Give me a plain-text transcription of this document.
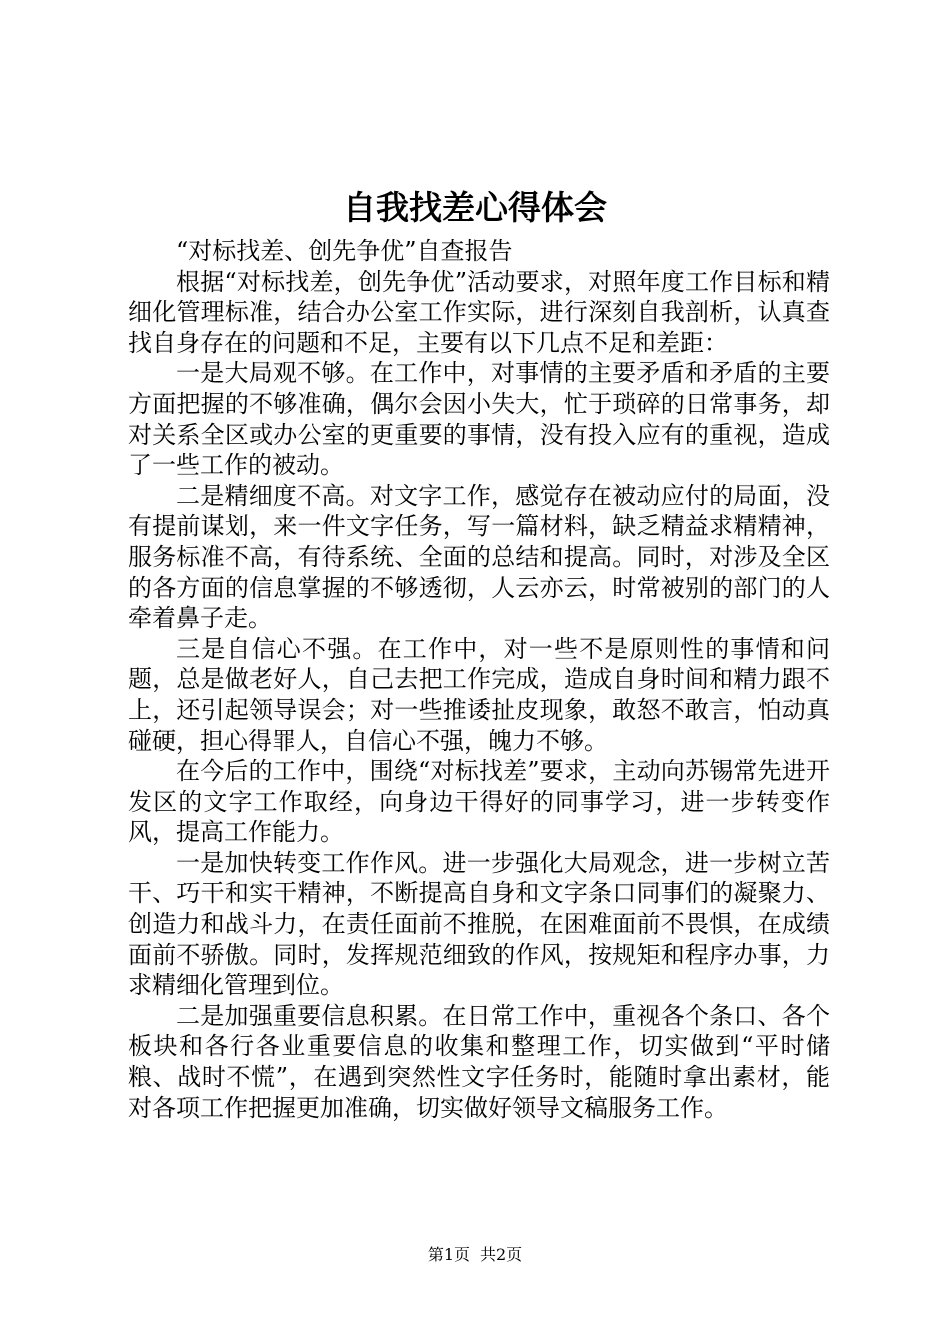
自我找差心得体会

“对标找差、创先争优”自查报告

根据“对标找差，创先争优”活动要求，对照年度工作目标和精细化管理标准，结合办公室工作实际，进行深刻自我剖析，认真查找自身存在的问题和不足，主要有以下几点不足和差距：

一是大局观不够。在工作中，对事情的主要矛盾和矛盾的主要方面把握的不够准确，偶尔会因小失大，忙于琐碎的日常事务，却对关系全区或办公室的更重要的事情，没有投入应有的重视，造成了一些工作的被动。

二是精细度不高。对文字工作，感觉存在被动应付的局面，没有提前谋划，来一件文字任务，写一篇材料，缺乏精益求精精神，服务标准不高，有待系统、全面的总结和提高。同时，对涉及全区的各方面的信息掌握的不够透彻，人云亦云，时常被别的部门的人牵着鼻子走。

三是自信心不强。在工作中，对一些不是原则性的事情和问题，总是做老好人，自己去把工作完成，造成自身时间和精力跟不上，还引起领导误会；对一些推诿扯皮现象，敢怒不敢言，怕动真碰硬，担心得罪人，自信心不强，魄力不够。

在今后的工作中，围绕“对标找差”要求，主动向苏锡常先进开发区的文字工作取经，向身边干得好的同事学习，进一步转变作风，提高工作能力。

一是加快转变工作作风。进一步强化大局观念，进一步树立苦干、巧干和实干精神，不断提高自身和文字条口同事们的凝聚力、创造力和战斗力，在责任面前不推脱，在困难面前不畏惧，在成绩面前不骄傲。同时，发挥规范细致的作风，按规矩和程序办事，力求精细化管理到位。

二是加强重要信息积累。在日常工作中，重视各个条口、各个板块和各行各业重要信息的收集和整理工作，切实做到“平时储粮、战时不慌”，在遇到突然性文字任务时，能随时拿出素材，能对各项工作把握更加准确，切实做好领导文稿服务工作。

第1页 共2页
